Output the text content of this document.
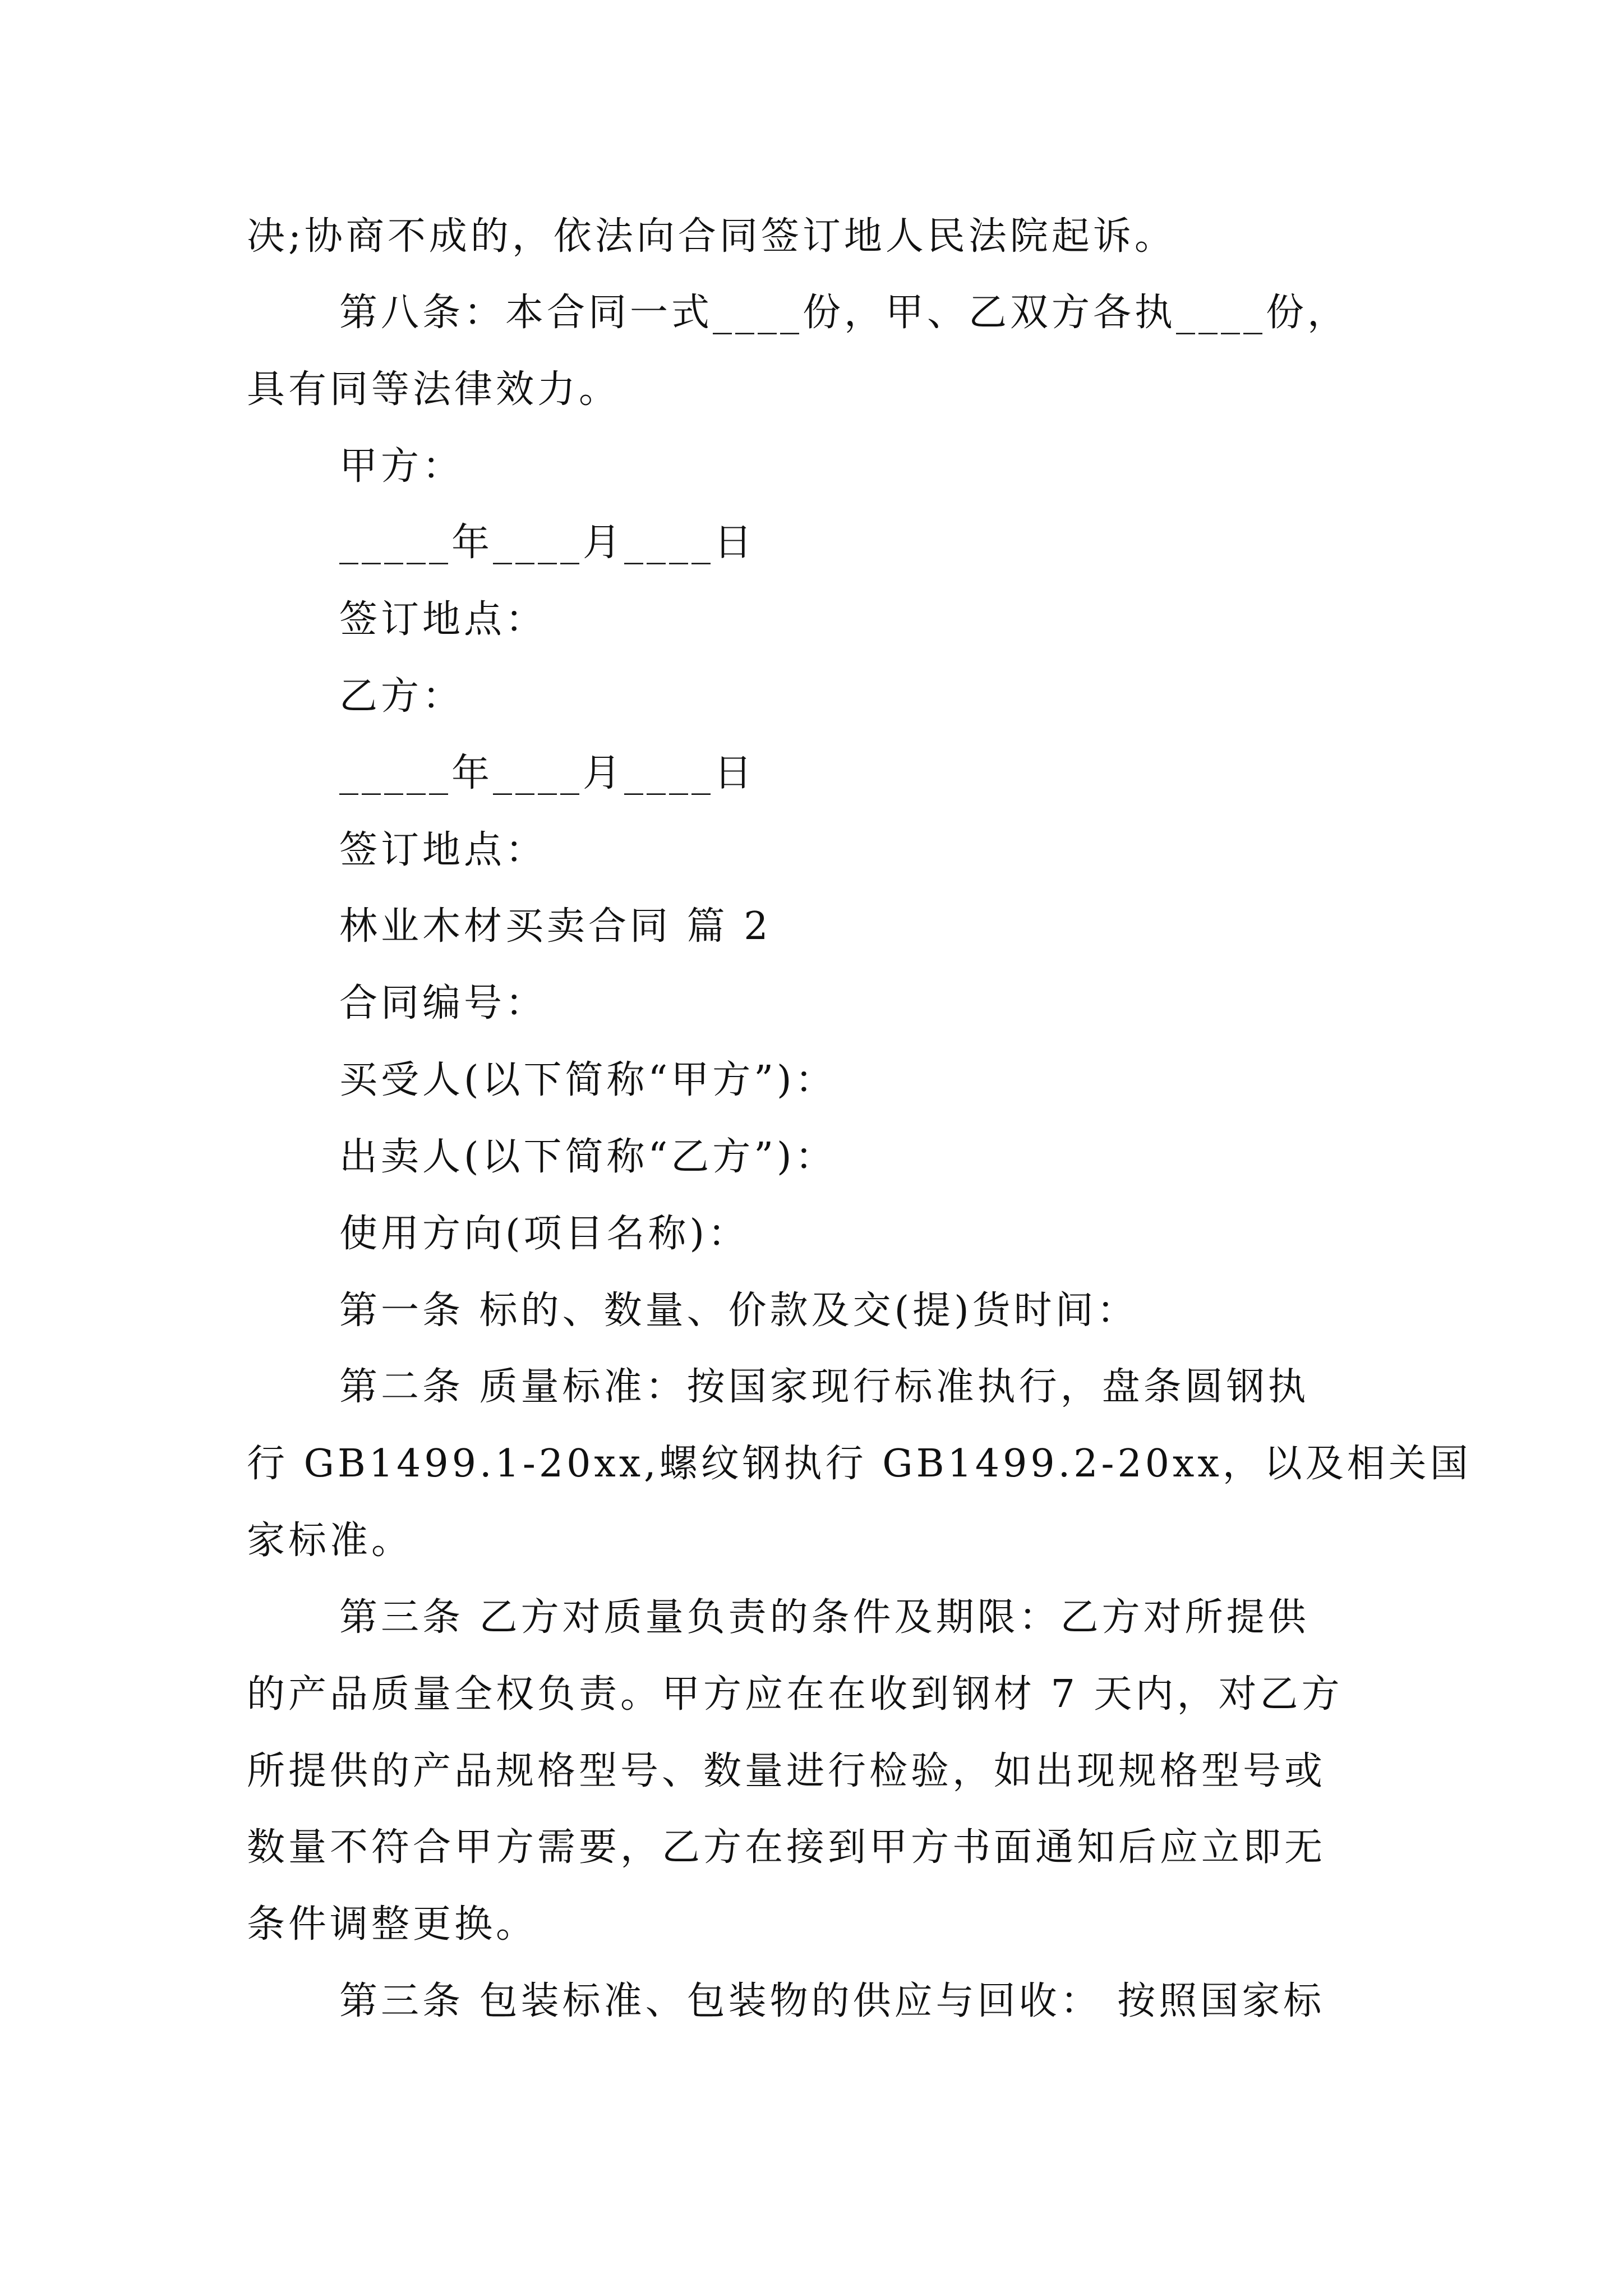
决;协商不成的，依法向合同签订地人民法院起诉。
第八条：本合同一式____份，甲、乙双方各执____份，
具有同等法律效力。
甲方：
_____年____月____日
签订地点：
乙方：
_____年____月____日
签订地点：
林业木材买卖合同 篇 2
合同编号：
买受人(以下简称“甲方”)：
出卖人(以下简称“乙方”)：
使用方向(项目名称)：
第一条 标的、数量、价款及交(提)货时间：
第二条 质量标准：按国家现行标准执行，盘条圆钢执
行 GB1499.1-20xx,螺纹钢执行 GB1499.2-20xx，以及相关国
家标准。
第三条 乙方对质量负责的条件及期限：乙方对所提供
的产品质量全权负责。甲方应在在收到钢材 7 天内，对乙方
所提供的产品规格型号、数量进行检验，如出现规格型号或
数量不符合甲方需要，乙方在接到甲方书面通知后应立即无
条件调整更换。
第三条 包装标准、包装物的供应与回收： 按照国家标
